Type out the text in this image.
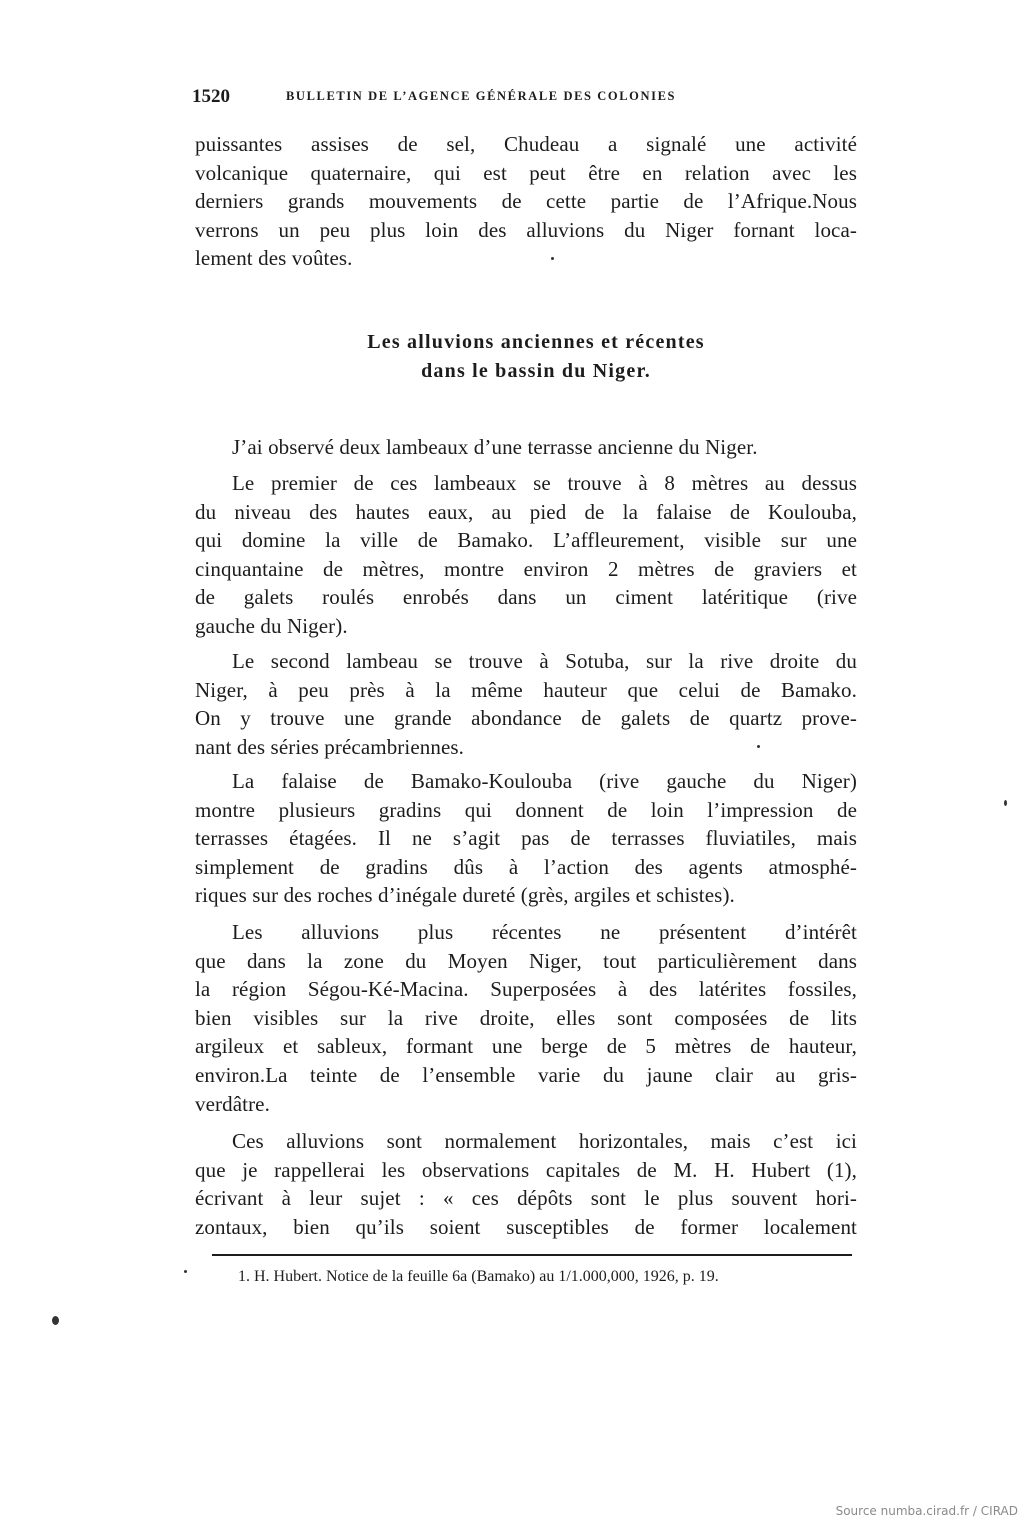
1520	BULLETIN DE L’AGENCE GÉNÉRALE DES COLONIES
puissantes assises de sel, Chudeau a signalé une activité
volcanique quaternaire, qui est peut être en relation avec les
derniers grands mouvements de cette partie de l’Afrique.Nous
verrons un peu plus loin des alluvions du Niger fornant loca-
lement des voûtes.
Les alluvions anciennes et récentes
dans le bassin du Niger.
J’ai observé deux lambeaux d’une terrasse ancienne du Niger.
Le premier de ces lambeaux se trouve à 8 mètres au dessus
du niveau des hautes eaux, au pied de la falaise de Koulouba,
qui domine la ville de Bamako. L’affleurement, visible sur une
cinquantaine de mètres, montre environ 2 mètres de graviers et
de galets roulés enrobés dans un ciment latéritique (rive
gauche du Niger).
Le second lambeau se trouve à Sotuba, sur la rive droite du
Niger, à peu près à la même hauteur que celui de Bamako.
On y trouve une grande abondance de galets de quartz prove-
nant des séries précambriennes.
La falaise de Bamako-Koulouba (rive gauche du Niger)
montre plusieurs gradins qui donnent de loin l’impression de
terrasses étagées. Il ne s’agit pas de terrasses fluviatiles, mais
simplement de gradins dûs à l’action des agents atmosphé-
riques sur des roches d’inégale dureté (grès, argiles et schistes).
Les alluvions plus récentes ne présentent d’intérêt
que dans la zone du Moyen Niger, tout particulièrement dans
la région Ségou-Ké-Macina. Superposées à des latérites fossiles,
bien visibles sur la rive droite, elles sont composées de lits
argileux et sableux, formant une berge de 5 mètres de hauteur,
environ.La teinte de l’ensemble varie du jaune clair au gris-
verdâtre.
Ces alluvions sont normalement horizontales, mais c’est ici
que je rappellerai les observations capitales de M. H. Hubert (1),
écrivant à leur sujet : « ces dépôts sont le plus souvent hori-
zontaux, bien qu’ils soient susceptibles de former localement
1. H. Hubert. Notice de la feuille 6a (Bamako) au 1/1.000,000, 1926, p. 19.
Source numba.cirad.fr / CIRAD
